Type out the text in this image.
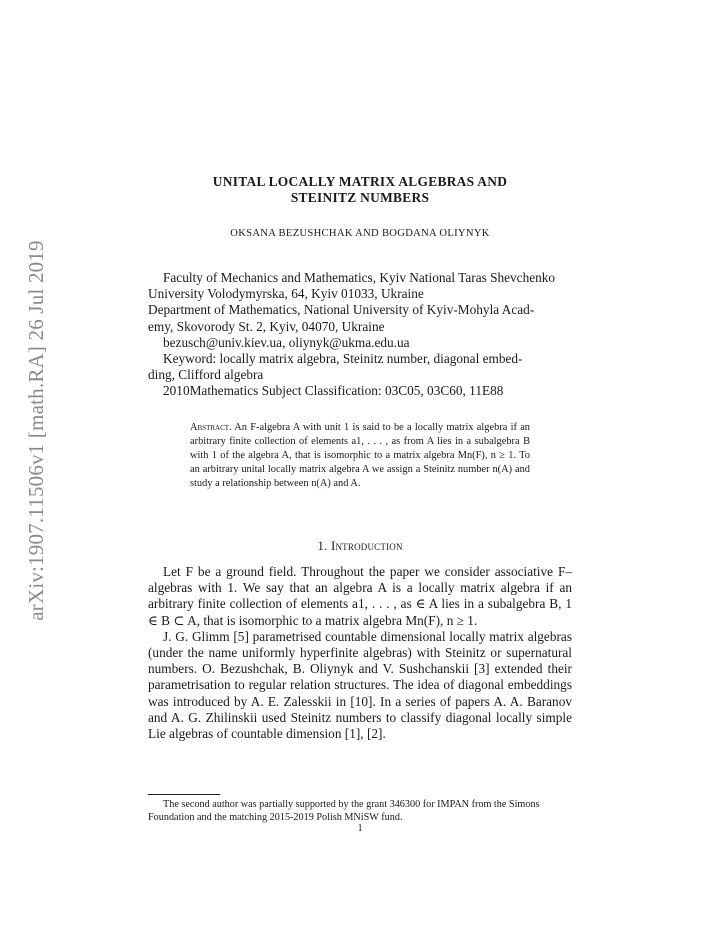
arXiv:1907.11506v1 [math.RA] 26 Jul 2019
UNITAL LOCALLY MATRIX ALGEBRAS AND
STEINITZ NUMBERS
OKSANA BEZUSHCHAK AND BOGDANA OLIYNYK

Faculty of Mechanics and Mathematics, Kyiv National Taras Shevchenko

University Volodymyrska, 64, Kyiv 01033, Ukraine

Department of Mathematics, National University of Kyiv-Mohyla Acad-

emy, Skovorody St. 2, Kyiv, 04070, Ukraine

bezusch@univ.kiev.ua, oliynyk@ukma.edu.ua

Keyword: locally matrix algebra, Steinitz number, diagonal embed-

ding, Clifford algebra

2010Mathematics Subject Classification: 03C05, 03C60, 11E88

Abstract. An F-algebra A with unit 1 is said to be a locally matrix algebra if an arbitrary finite collection of elements a1, . . . , as from A lies in a subalgebra B with 1 of the algebra A, that is isomorphic to a matrix algebra Mn(F), n ≥ 1. To an arbitrary unital locally matrix algebra A we assign a Steinitz number n(A) and study a relationship between n(A) and A.
1. Introduction

Let F be a ground field. Throughout the paper we consider associative F–algebras with 1. We say that an algebra A is a locally matrix algebra if an arbitrary finite collection of elements a1, . . . , as ∈ A lies in a subalgebra B, 1 ∈ B ⊂ A, that is isomorphic to a matrix algebra Mn(F), n ≥ 1.

J. G. Glimm [5] parametrised countable dimensional locally matrix algebras (under the name uniformly hyperfinite algebras) with Steinitz or supernatural numbers. O. Bezushchak, B. Oliynyk and V. Sushchanskii [3] extended their parametrisation to regular relation structures. The idea of diagonal embeddings was introduced by A. E. Zalesskii in [10]. In a series of papers A. A. Baranov and A. G. Zhilinskii used Steinitz numbers to classify diagonal locally simple Lie algebras of countable dimension [1], [2].

The second author was partially supported by the grant 346300 for IMPAN from the Simons Foundation and the matching 2015-2019 Polish MNiSW fund.

1
